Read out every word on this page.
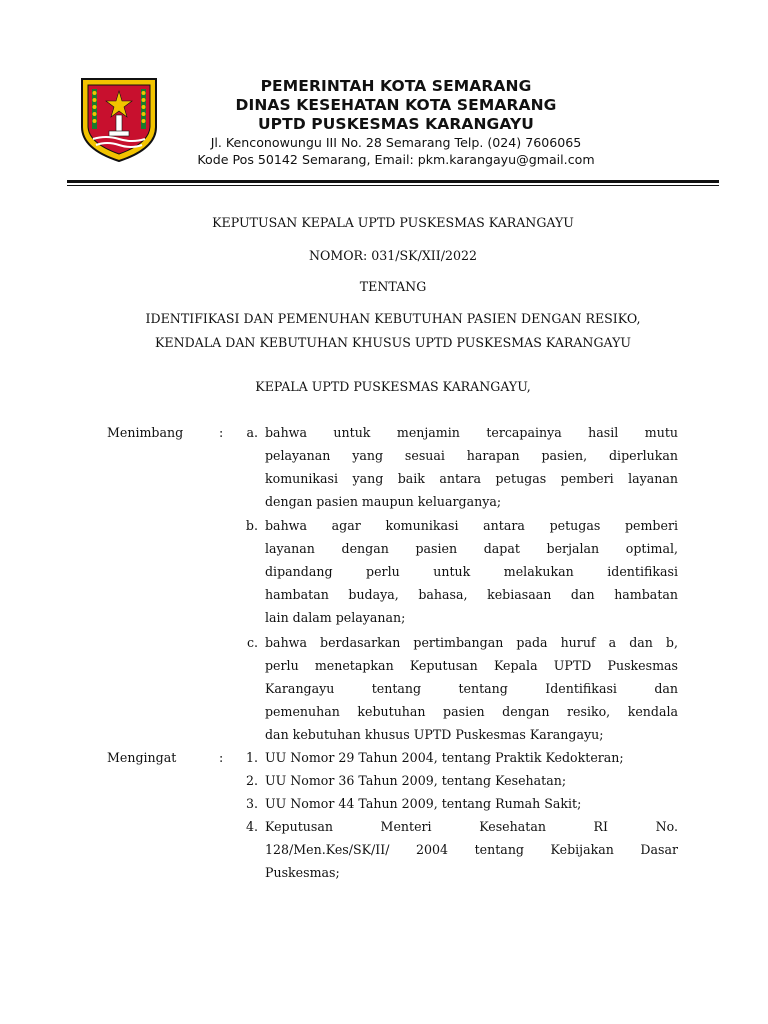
PEMERINTAH KOTA SEMARANG
DINAS KESEHATAN KOTA SEMARANG
UPTD PUSKESMAS KARANGAYU
Jl. Kenconowungu III No. 28 Semarang Telp. (024) 7606065
Kode Pos 50142 Semarang, Email: pkm.karangayu@gmail.com
KEPUTUSAN KEPALA UPTD PUSKESMAS KARANGAYU
NOMOR: 031/SK/XII/2022
TENTANG
IDENTIFIKASI DAN PEMENUHAN KEBUTUHAN PASIEN DENGAN RESIKO,
KENDALA DAN KEBUTUHAN KHUSUS UPTD PUSKESMAS KARANGAYU
KEPALA UPTD PUSKESMAS KARANGAYU,
Menimbang	:	a. bahwa untuk menjamin tercapainya hasil mutu
pelayanan yang sesuai harapan pasien, diperlukan
komunikasi yang baik antara petugas pemberi layanan
dengan pasien maupun keluarganya;
b. bahwa agar komunikasi antara petugas pemberi
layanan dengan pasien dapat berjalan optimal,
dipandang perlu untuk melakukan identifikasi
hambatan budaya, bahasa, kebiasaan dan hambatan
lain dalam pelayanan;
c. bahwa berdasarkan pertimbangan pada huruf a dan b,
perlu menetapkan Keputusan Kepala UPTD Puskesmas
Karangayu tentang tentang Identifikasi dan
pemenuhan kebutuhan pasien dengan resiko, kendala
dan kebutuhan khusus UPTD Puskesmas Karangayu;
Mengingat	:	1. UU Nomor 29 Tahun 2004, tentang Praktik Kedokteran;
2. UU Nomor 36 Tahun 2009, tentang Kesehatan;
3. UU Nomor 44 Tahun 2009, tentang Rumah Sakit;
4. Keputusan Menteri Kesehatan RI No.
128/Men.Kes/SK/II/ 2004 tentang Kebijakan Dasar
Puskesmas;
